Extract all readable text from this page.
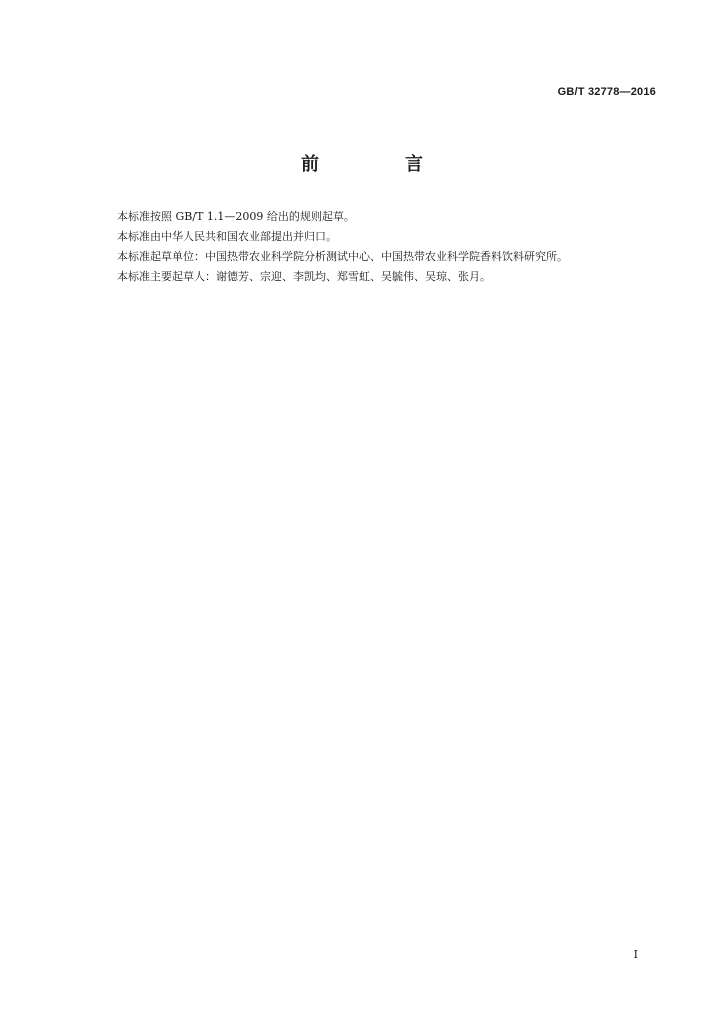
GB/T 32778—2016
前　言

本标准按照 GB/T 1.1—2009 给出的规则起草。

本标准由中华人民共和国农业部提出并归口。

本标准起草单位：中国热带农业科学院分析测试中心、中国热带农业科学院香料饮料研究所。

本标准主要起草人：谢德芳、宗迎、李凯均、郑雪虹、吴毓伟、吴琼、张月。

I
